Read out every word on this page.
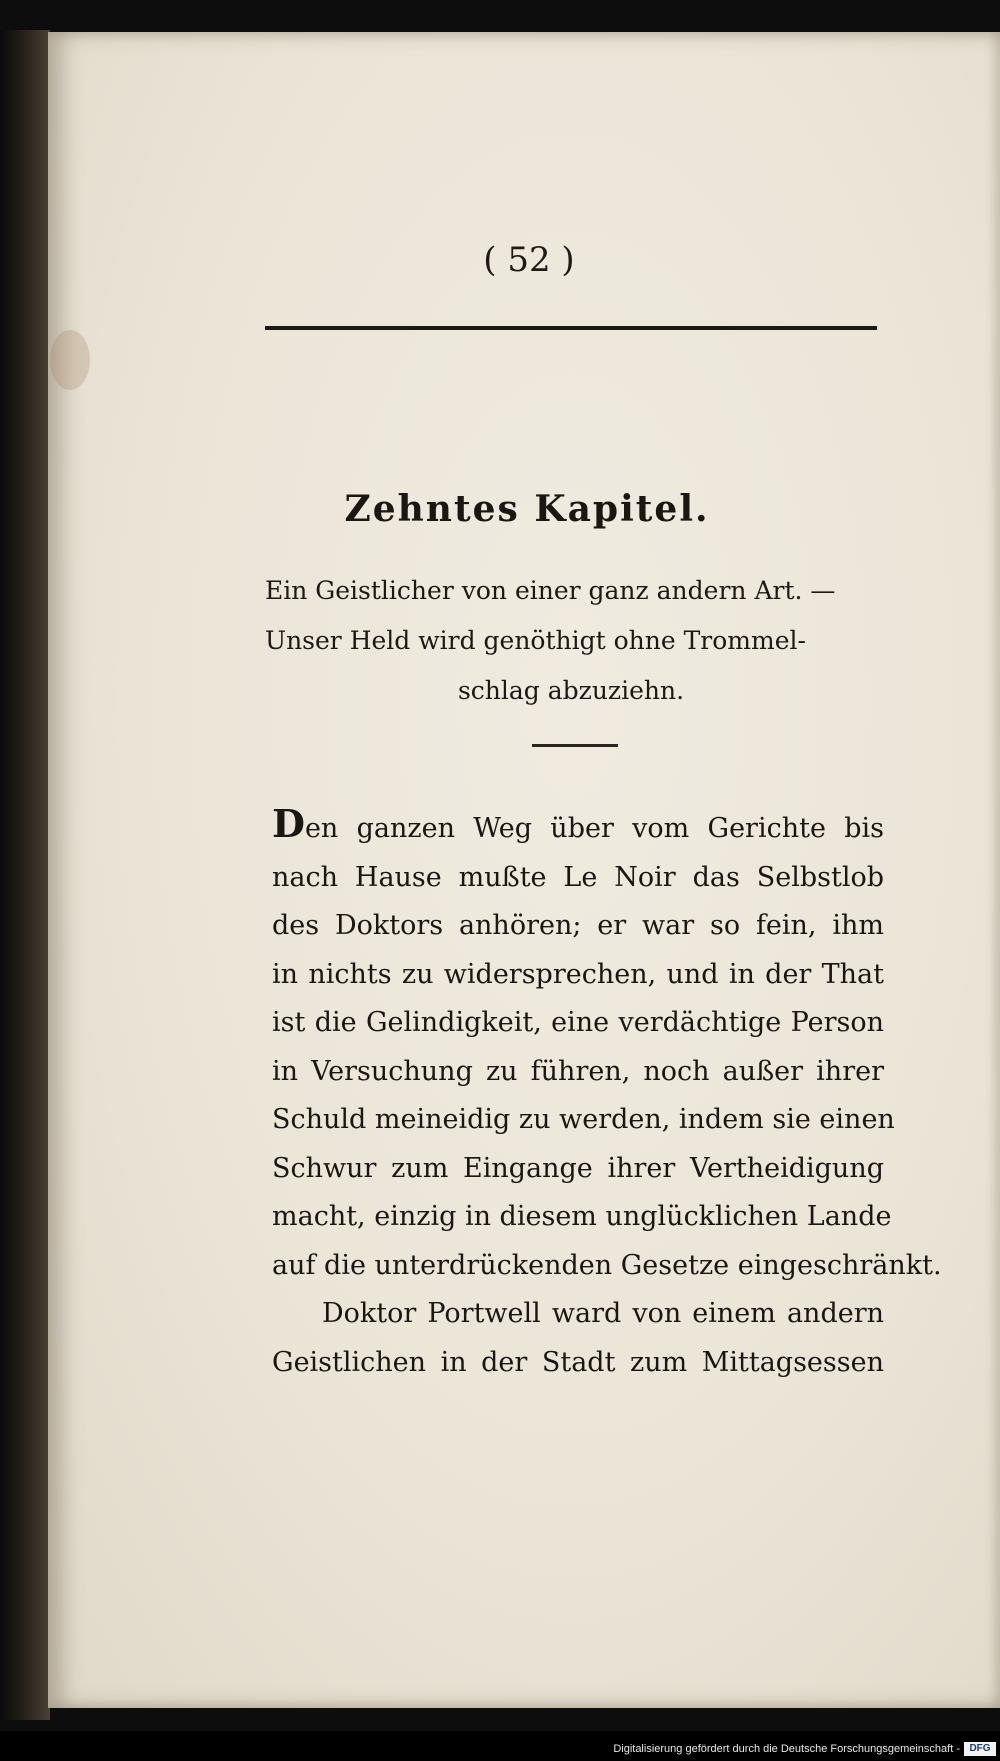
( 52 )
Zehntes Kapitel.
Ein Geistlicher von einer ganz andern Art. —
Unser Held wird genöthigt ohne Trommel-
schlag abzuziehn.
Den ganzen Weg über vom Gerichte bis
nach Hause mußte Le Noir das Selbstlob
des Doktors anhören; er war so fein, ihm
in nichts zu widersprechen, und in der That
ist die Gelindigkeit, eine verdächtige Person
in Versuchung zu führen, noch außer ihrer
Schuld meineidig zu werden, indem sie einen
Schwur zum Eingange ihrer Vertheidigung
macht, einzig in diesem unglücklichen Lande
auf die unterdrückenden Gesetze eingeschränkt.
Doktor Portwell ward von einem andern
Geistlichen in der Stadt zum Mittagsessen
Digitalisierung gefördert durch die Deutsche Forschungsgemeinschaft - DFG
